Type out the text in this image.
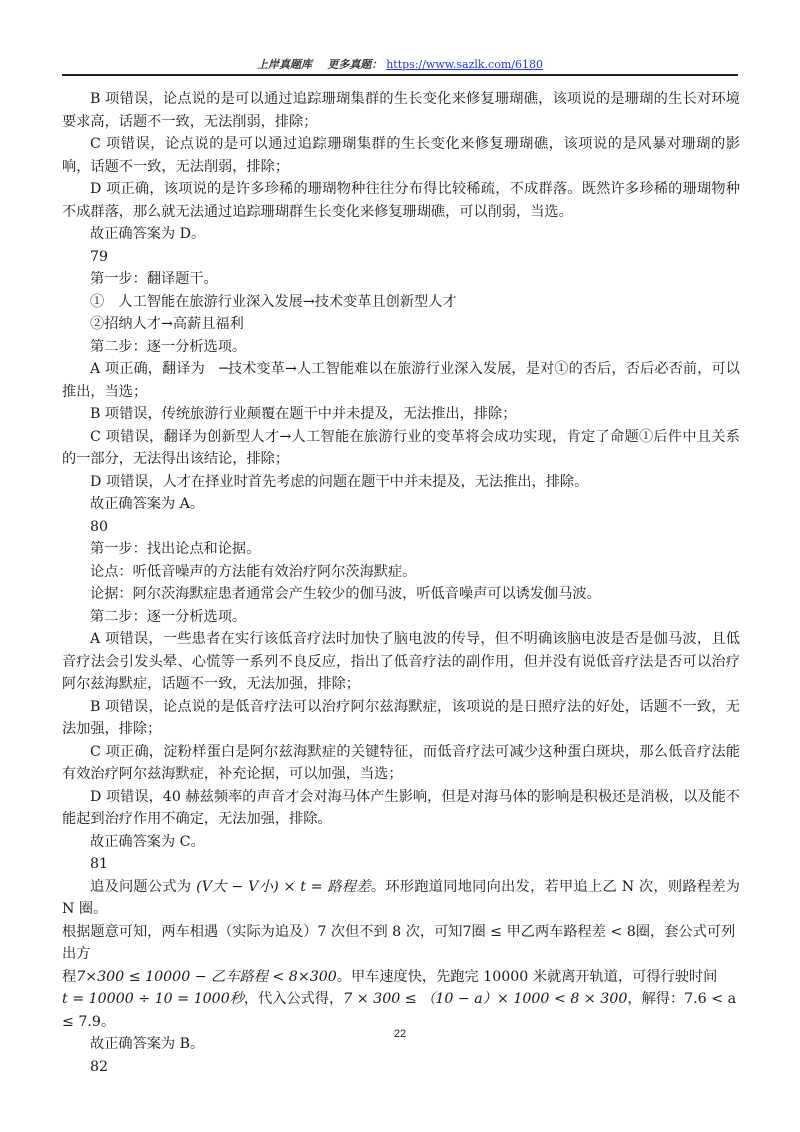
上岸真题库 更多真题： https://www.sazlk.com/6180

B 项错误，论点说的是可以通过追踪珊瑚集群的生长变化来修复珊瑚礁，该项说的是珊瑚的生长对环境要求高，话题不一致，无法削弱，排除；

C 项错误，论点说的是可以通过追踪珊瑚集群的生长变化来修复珊瑚礁，该项说的是风暴对珊瑚的影响，话题不一致，无法削弱，排除；

D 项正确，该项说的是许多珍稀的珊瑚物种往往分布得比较稀疏，不成群落。既然许多珍稀的珊瑚物种不成群落，那么就无法通过追踪珊瑚群生长变化来修复珊瑚礁，可以削弱，当选。

故正确答案为 D。

79

第一步：翻译题干。

①　人工智能在旅游行业深入发展→技术变革且创新型人才

②招纳人才→高薪且福利

第二步：逐一分析选项。

A 项正确，翻译为　─技术变革→人工智能难以在旅游行业深入发展，是对①的否后，否后必否前，可以推出，当选；

B 项错误，传统旅游行业颠覆在题干中并未提及，无法推出，排除；

C 项错误，翻译为创新型人才→人工智能在旅游行业的变革将会成功实现，肯定了命题①后件中且关系的一部分，无法得出该结论，排除；

D 项错误，人才在择业时首先考虑的问题在题干中并未提及，无法推出，排除。

故正确答案为 A。

80

第一步：找出论点和论据。

论点：听低音噪声的方法能有效治疗阿尔茨海默症。

论据：阿尔茨海默症患者通常会产生较少的伽马波，听低音噪声可以诱发伽马波。

第二步：逐一分析选项。

A 项错误，一些患者在实行该低音疗法时加快了脑电波的传导，但不明确该脑电波是否是伽马波，且低音疗法会引发头晕、心慌等一系列不良反应，指出了低音疗法的副作用，但并没有说低音疗法是否可以治疗阿尔兹海默症，话题不一致，无法加强，排除；

B 项错误，论点说的是低音疗法可以治疗阿尔兹海默症，该项说的是日照疗法的好处，话题不一致，无法加强，排除；

C 项正确，淀粉样蛋白是阿尔兹海默症的关键特征，而低音疗法可减少这种蛋白斑块，那么低音疗法能有效治疗阿尔兹海默症，补充论据，可以加强，当选；

D 项错误，40 赫兹频率的声音才会对海马体产生影响，但是对海马体的影响是积极还是消极，以及能不能起到治疗作用不确定，无法加强，排除。

故正确答案为 C。

81

追及问题公式为 (V大 − V小) × t = 路程差。环形跑道同地同向出发，若甲追上乙 N 次，则路程差为 N 圈。

根据题意可知，两车相遇（实际为追及）7 次但不到 8 次，可知7圈 ≤ 甲乙两车路程差 < 8圈，套公式可列出方

程7×300 ≤ 10000 − 乙车路程 < 8×300。甲车速度快，先跑完 10000 米就离开轨道，可得行驶时间

t = 10000 ÷ 10 = 1000秒，代入公式得，7 × 300 ≤ （10 − a）× 1000 < 8 × 300，解得：7.6 < a ≤ 7.9。

故正确答案为 B。

82

22
